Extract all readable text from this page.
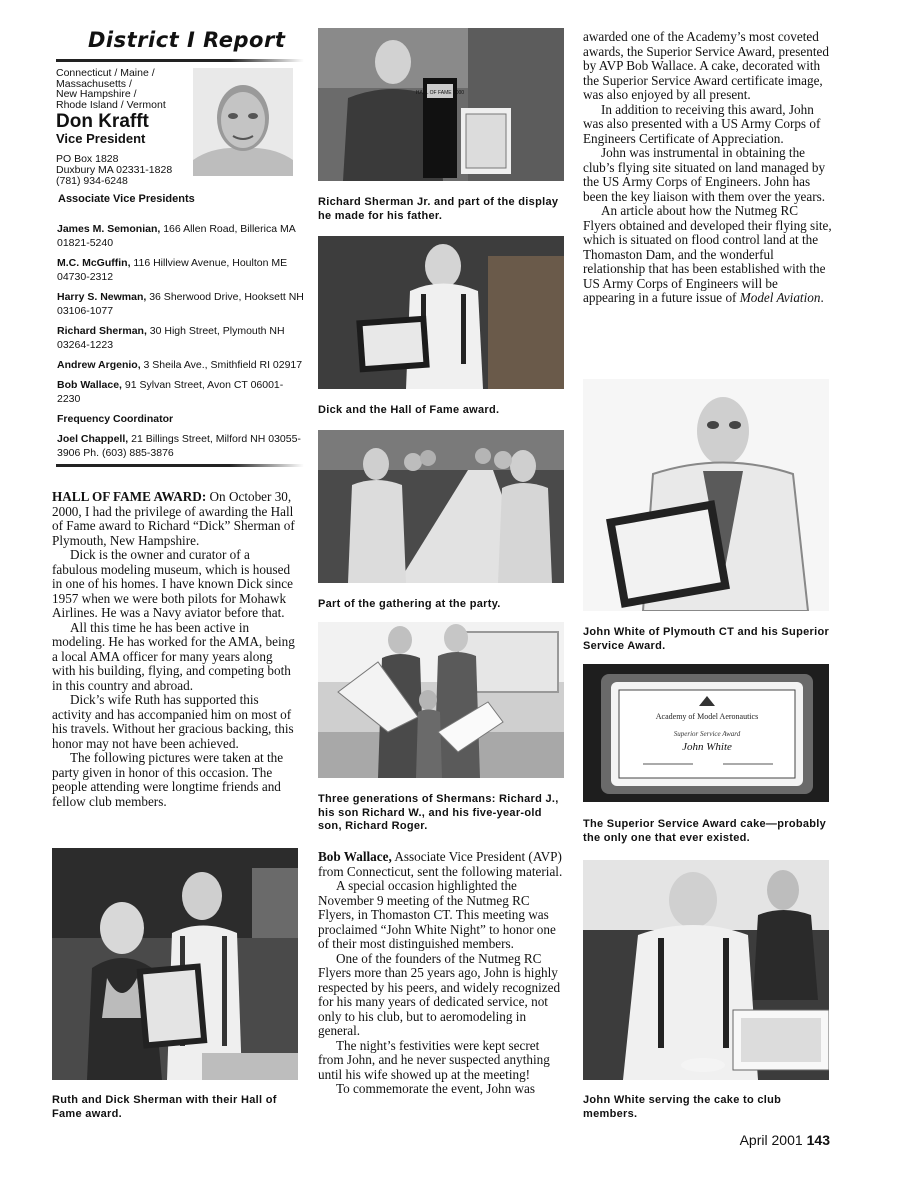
District I Report
Connecticut / Maine /
Massachusetts /
New Hampshire /
Rhode Island / Vermont
Don Krafft
Vice President
PO Box 1828
Duxbury MA 02331-1828
(781) 934-6248
Associate Vice Presidents
James M. Semonian, 166 Allen Road, Billerica MA 01821-5240
M.C. McGuffin, 116 Hillview Avenue, Houlton ME 04730-2312
Harry S. Newman, 36 Sherwood Drive, Hooksett NH 03106-1077
Richard Sherman, 30 High Street, Plymouth NH 03264-1223
Andrew Argenio, 3 Sheila Ave., Smithfield RI 02917
Bob Wallace, 91 Sylvan Street, Avon CT 06001-2230
Frequency Coordinator
Joel Chappell, 21 Billings Street, Milford NH 03055-3906 Ph. (603) 885-3876

HALL OF FAME AWARD: On October 30, 2000, I had the privilege of awarding the Hall of Fame award to Richard “Dick” Sherman of Plymouth, New Hampshire.

Dick is the owner and curator of a fabulous modeling museum, which is housed in one of his homes. I have known Dick since 1957 when we were both pilots for Mohawk Airlines. He was a Navy aviator before that.

All this time he has been active in modeling. He has worked for the AMA, being a local AMA officer for many years along with his building, flying, and competing both in this country and abroad.

Dick’s wife Ruth has supported this activity and has accompanied him on most of his travels. Without her gracious backing, this honor may not have been achieved.

The following pictures were taken at the party given in honor of this occasion. The people attending were longtime friends and fellow club members.

Ruth and Dick Sherman with their Hall of Fame award.
HALL OF FAME 2000
Richard Sherman Jr. and part of the display he made for his father.
Dick and the Hall of Fame award.
Part of the gathering at the party.
Three generations of Shermans: Richard J., his son Richard W., and his five-year-old son, Richard Roger.

Bob Wallace, Associate Vice President (AVP) from Connecticut, sent the following material.

A special occasion highlighted the November 9 meeting of the Nutmeg RC Flyers, in Thomaston CT. This meeting was proclaimed “John White Night” to honor one of their most distinguished members.

One of the founders of the Nutmeg RC Flyers more than 25 years ago, John is highly respected by his peers, and widely recognized for his many years of dedicated service, not only to his club, but to aeromodeling in general.

The night’s festivities were kept secret from John, and he never suspected anything until his wife showed up at the meeting!

To commemorate the event, John was

awarded one of the Academy’s most coveted awards, the Superior Service Award, presented by AVP Bob Wallace. A cake, decorated with the Superior Service Award certificate image, was also enjoyed by all present.

In addition to receiving this award, John was also presented with a US Army Corps of Engineers Certificate of Appreciation.

John was instrumental in obtaining the club’s flying site situated on land managed by the US Army Corps of Engineers. John has been the key liaison with them over the years.

An article about how the Nutmeg RC Flyers obtained and developed their flying site, which is situated on flood control land at the Thomaston Dam, and the wonderful relationship that has been established with the US Army Corps of Engineers will be appearing in a future issue of Model Aviation.

John White of Plymouth CT and his Superior Service Award.
Academy of Model Aeronautics
Superior Service Award
John White
The Superior Service Award cake—probably the only one that ever existed.
John White serving the cake to club members.
April 2001 143
